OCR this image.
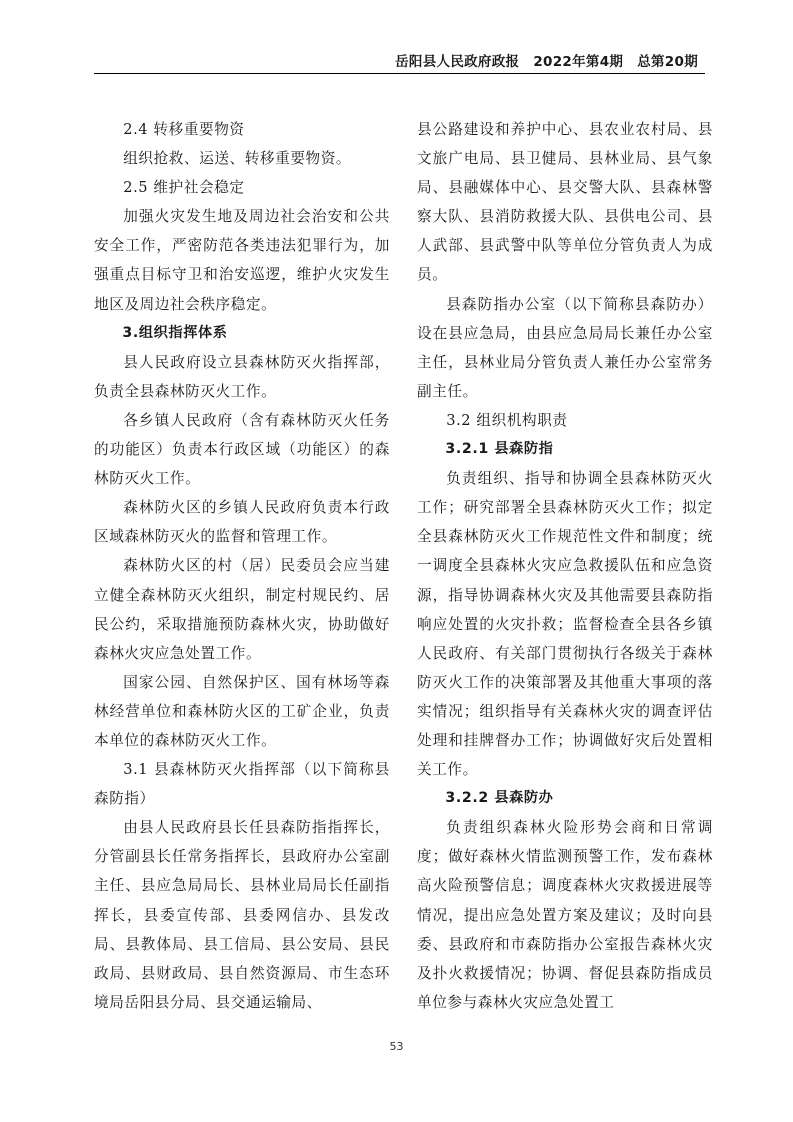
岳阳县人民政府政报 2022年第4期 总第20期

2.4 转移重要物资

组织抢救、运送、转移重要物资。

2.5 维护社会稳定

加强火灾发生地及周边社会治安和公共安全工作，严密防范各类违法犯罪行为，加强重点目标守卫和治安巡逻，维护火灾发生地区及周边社会秩序稳定。

3.组织指挥体系

县人民政府设立县森林防灭火指挥部，负责全县森林防灭火工作。

各乡镇人民政府（含有森林防灭火任务的功能区）负责本行政区域（功能区）的森林防灭火工作。

森林防火区的乡镇人民政府负责本行政区域森林防灭火的监督和管理工作。

森林防火区的村（居）民委员会应当建立健全森林防灭火组织，制定村规民约、居民公约，采取措施预防森林火灾，协助做好森林火灾应急处置工作。

国家公园、自然保护区、国有林场等森林经营单位和森林防火区的工矿企业，负责本单位的森林防灭火工作。

3.1 县森林防灭火指挥部（以下简称县森防指）

由县人民政府县长任县森防指指挥长，分管副县长任常务指挥长，县政府办公室副主任、县应急局局长、县林业局局长任副指挥长，县委宣传部、县委网信办、县发改局、县教体局、县工信局、县公安局、县民政局、县财政局、县自然资源局、市生态环境局岳阳县分局、县交通运输局、

县公路建设和养护中心、县农业农村局、县文旅广电局、县卫健局、县林业局、县气象局、县融媒体中心、县交警大队、县森林警察大队、县消防救援大队、县供电公司、县人武部、县武警中队等单位分管负责人为成员。

县森防指办公室（以下简称县森防办）设在县应急局，由县应急局局长兼任办公室主任，县林业局分管负责人兼任办公室常务副主任。

3.2 组织机构职责

3.2.1 县森防指

负责组织、指导和协调全县森林防灭火工作；研究部署全县森林防灭火工作；拟定全县森林防灭火工作规范性文件和制度；统一调度全县森林火灾应急救援队伍和应急资源，指导协调森林火灾及其他需要县森防指响应处置的火灾扑救；监督检查全县各乡镇人民政府、有关部门贯彻执行各级关于森林防灭火工作的决策部署及其他重大事项的落实情况；组织指导有关森林火灾的调查评估处理和挂牌督办工作；协调做好灾后处置相关工作。

3.2.2 县森防办

负责组织森林火险形势会商和日常调度；做好森林火情监测预警工作，发布森林高火险预警信息；调度森林火灾救援进展等情况，提出应急处置方案及建议；及时向县委、县政府和市森防指办公室报告森林火灾及扑火救援情况；协调、督促县森防指成员单位参与森林火灾应急处置工

53
